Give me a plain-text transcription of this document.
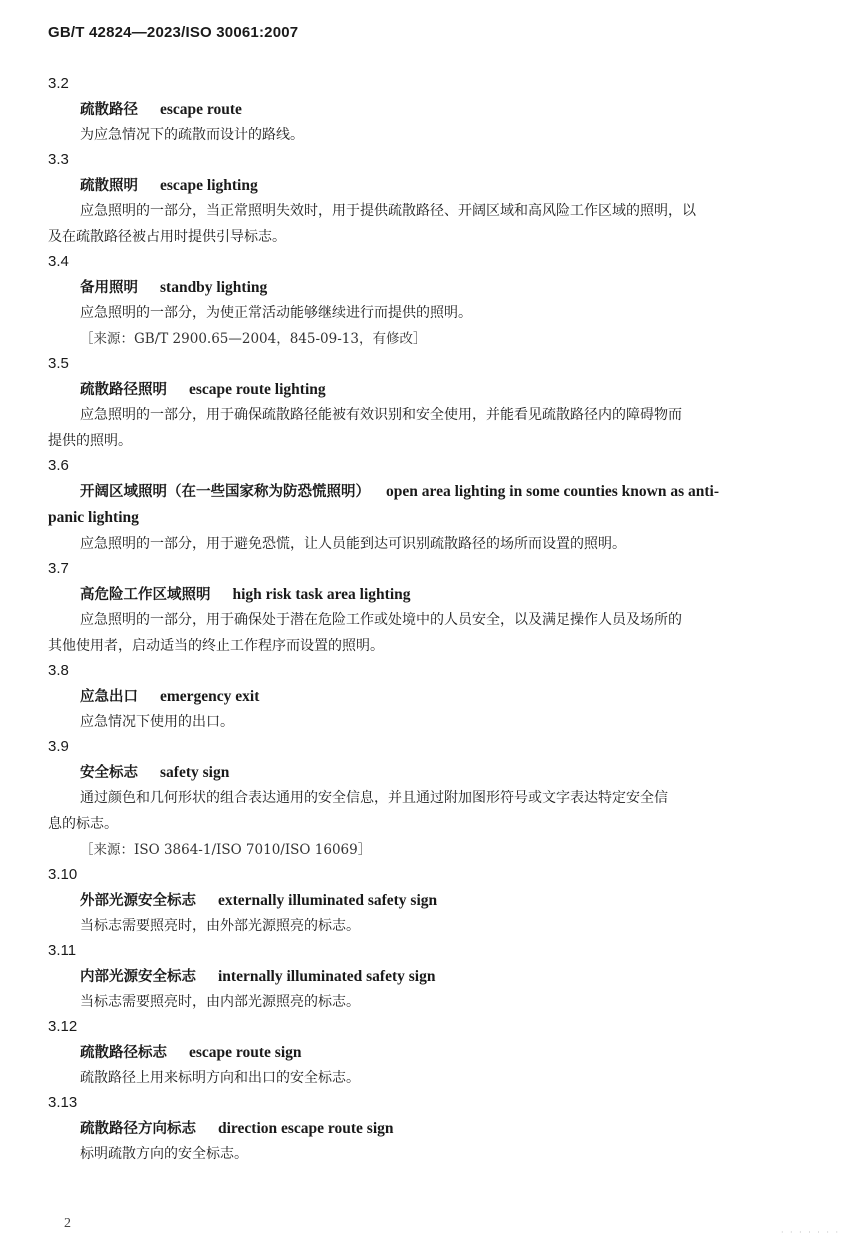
GB/T 42824—2023/ISO 30061:2007
3.2
疏散路径 escape route
为应急情况下的疏散而设计的路线。
3.3
疏散照明 escape lighting
应急照明的一部分，当正常照明失效时，用于提供疏散路径、开阔区域和高风险工作区域的照明，以
及在疏散路径被占用时提供引导标志。
3.4
备用照明 standby lighting
应急照明的一部分，为使正常活动能够继续进行而提供的照明。
［来源：GB/T 2900.65—2004，845-09-13，有修改］
3.5
疏散路径照明 escape route lighting
应急照明的一部分，用于确保疏散路径能被有效识别和安全使用，并能看见疏散路径内的障碍物而
提供的照明。
3.6
开阔区域照明（在一些国家称为防恐慌照明） open area lighting in some counties known as anti-
panic lighting
应急照明的一部分，用于避免恐慌，让人员能到达可识别疏散路径的场所而设置的照明。
3.7
高危险工作区域照明 high risk task area lighting
应急照明的一部分，用于确保处于潜在危险工作或处境中的人员安全，以及满足操作人员及场所的
其他使用者，启动适当的终止工作程序而设置的照明。
3.8
应急出口 emergency exit
应急情况下使用的出口。
3.9
安全标志 safety sign
通过颜色和几何形状的组合表达通用的安全信息，并且通过附加图形符号或文字表达特定安全信
息的标志。
［来源：ISO 3864-1/ISO 7010/ISO 16069］
3.10
外部光源安全标志 externally illuminated safety sign
当标志需要照亮时，由外部光源照亮的标志。
3.11
内部光源安全标志 internally illuminated safety sign
当标志需要照亮时，由内部光源照亮的标志。
3.12
疏散路径标志 escape route sign
疏散路径上用来标明方向和出口的安全标志。
3.13
疏散路径方向标志 direction escape route sign
标明疏散方向的安全标志。
2
· · · · · · ·
